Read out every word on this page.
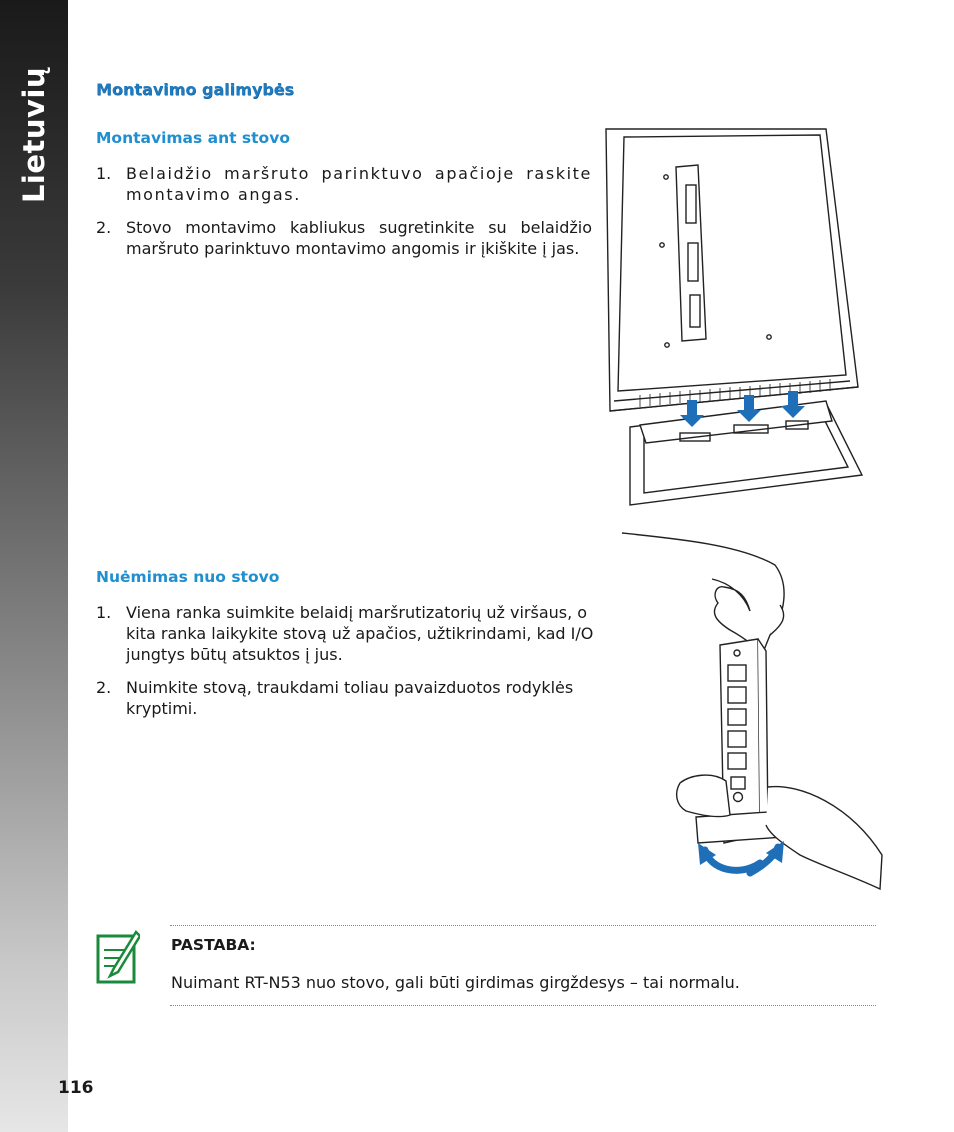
Lietuvių
116
Montavimo galimybės
Montavimas ant stovo
1. Belaidžio maršruto parinktuvo apačioje raskite montavimo angas.
2. Stovo montavimo kabliukus sugretinkite su belaidžio maršruto parinktuvo montavimo angomis ir įkiškite į jas.
Nuėmimas nuo stovo
1. Viena ranka suimkite belaidį maršrutizatorių už viršaus, o kita ranka laikykite stovą už apačios, užtikrindami, kad I/O jungtys būtų atsuktos į jus.
2. Nuimkite stovą, traukdami toliau pavaizduotos rodyklės kryptimi.
PASTABA:
Nuimant RT-N53 nuo stovo, gali būti girdimas girgždesys – tai normalu.
